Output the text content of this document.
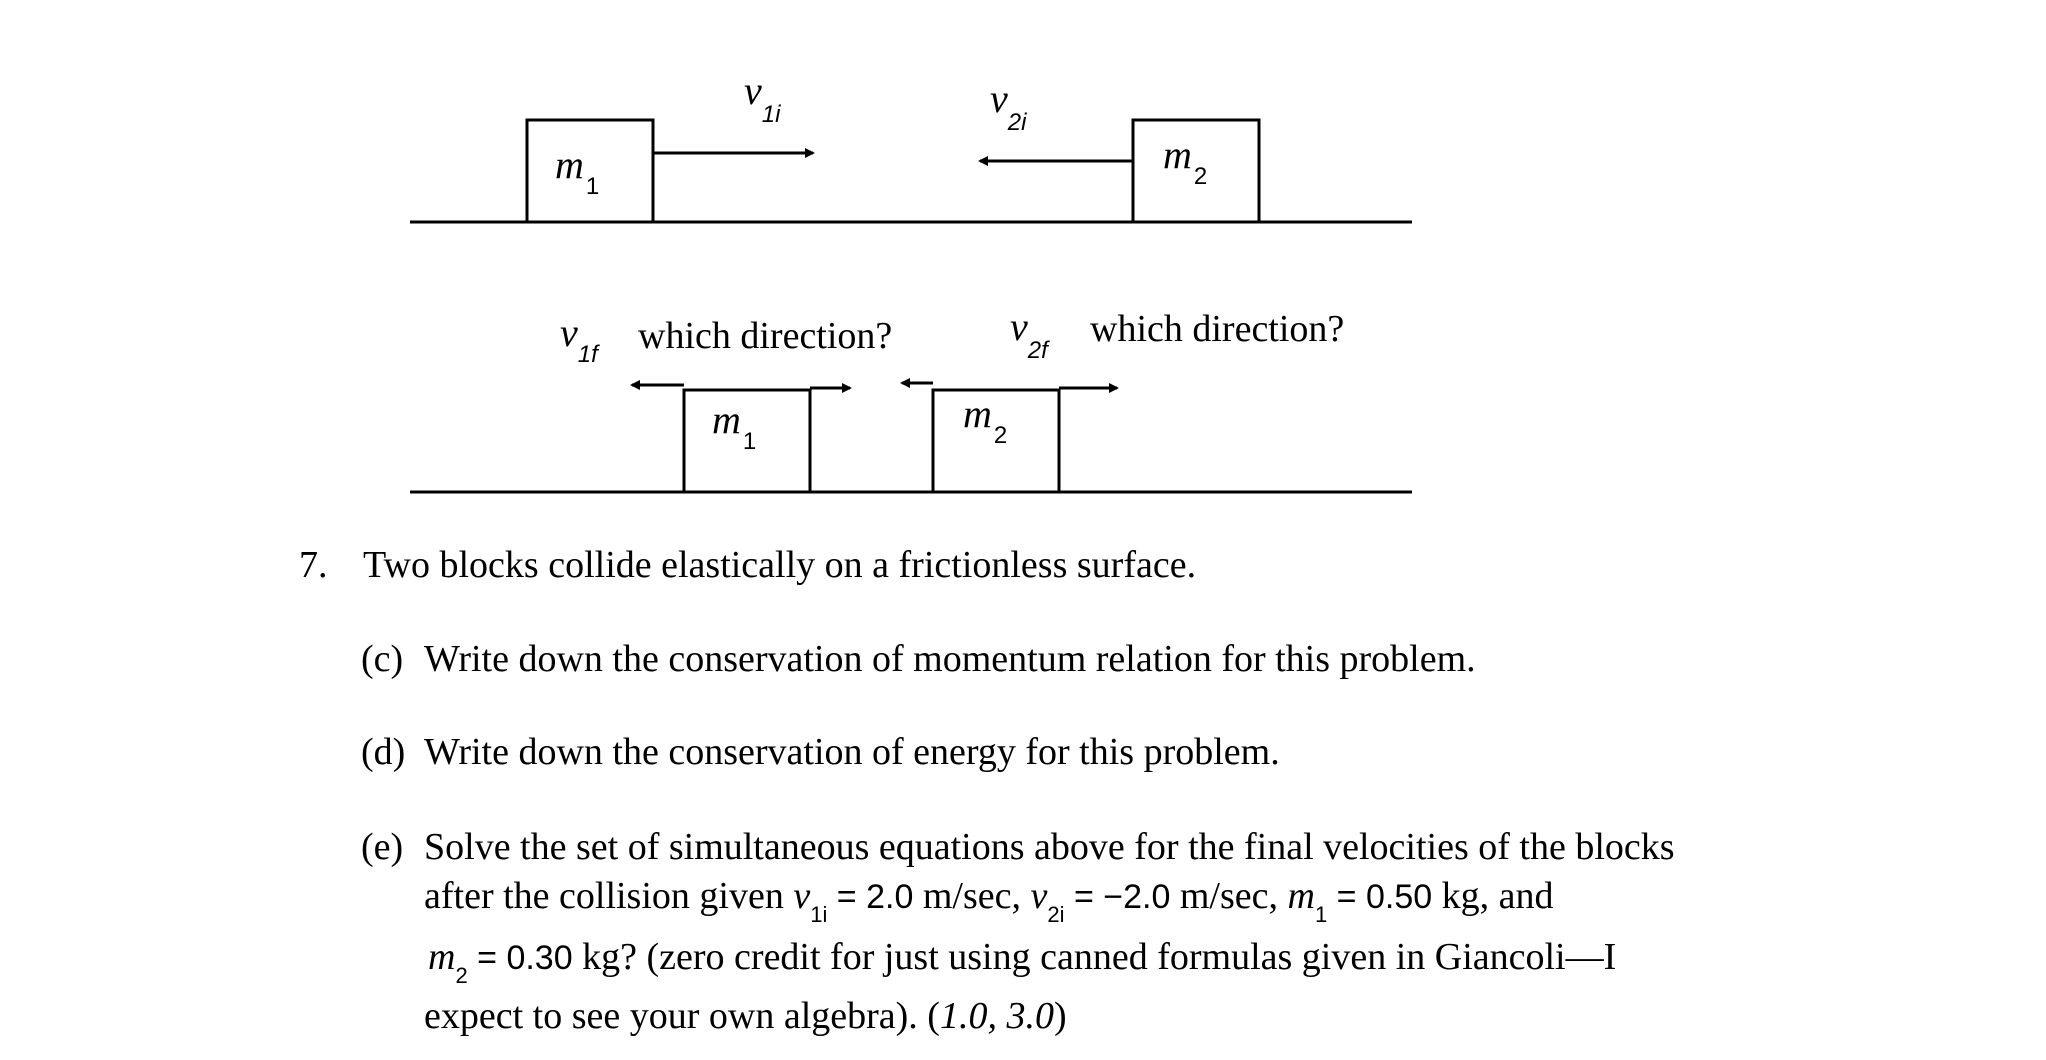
m1
m2
v1i	v2i
m1
m2
v1f which direction?	v2f
which direction?
7. Two blocks collide elastically on a frictionless surface.
(c) Write down the conservation of momentum relation for this problem.
(d) Write down the conservation of energy for this problem.
(e) Solve the set of simultaneous equations above for the final velocities of the blocks
after the collision given $v_{1i} = 2.0$ m/sec, $v_{2i} = -2.0$ m/sec, $m_1 = 0.50$ kg, and
$m_2 = 0.30$ kg? (zero credit for just using canned formulas given in Giancoli—I
expect to see your own algebra). (1.0, 3.0)
